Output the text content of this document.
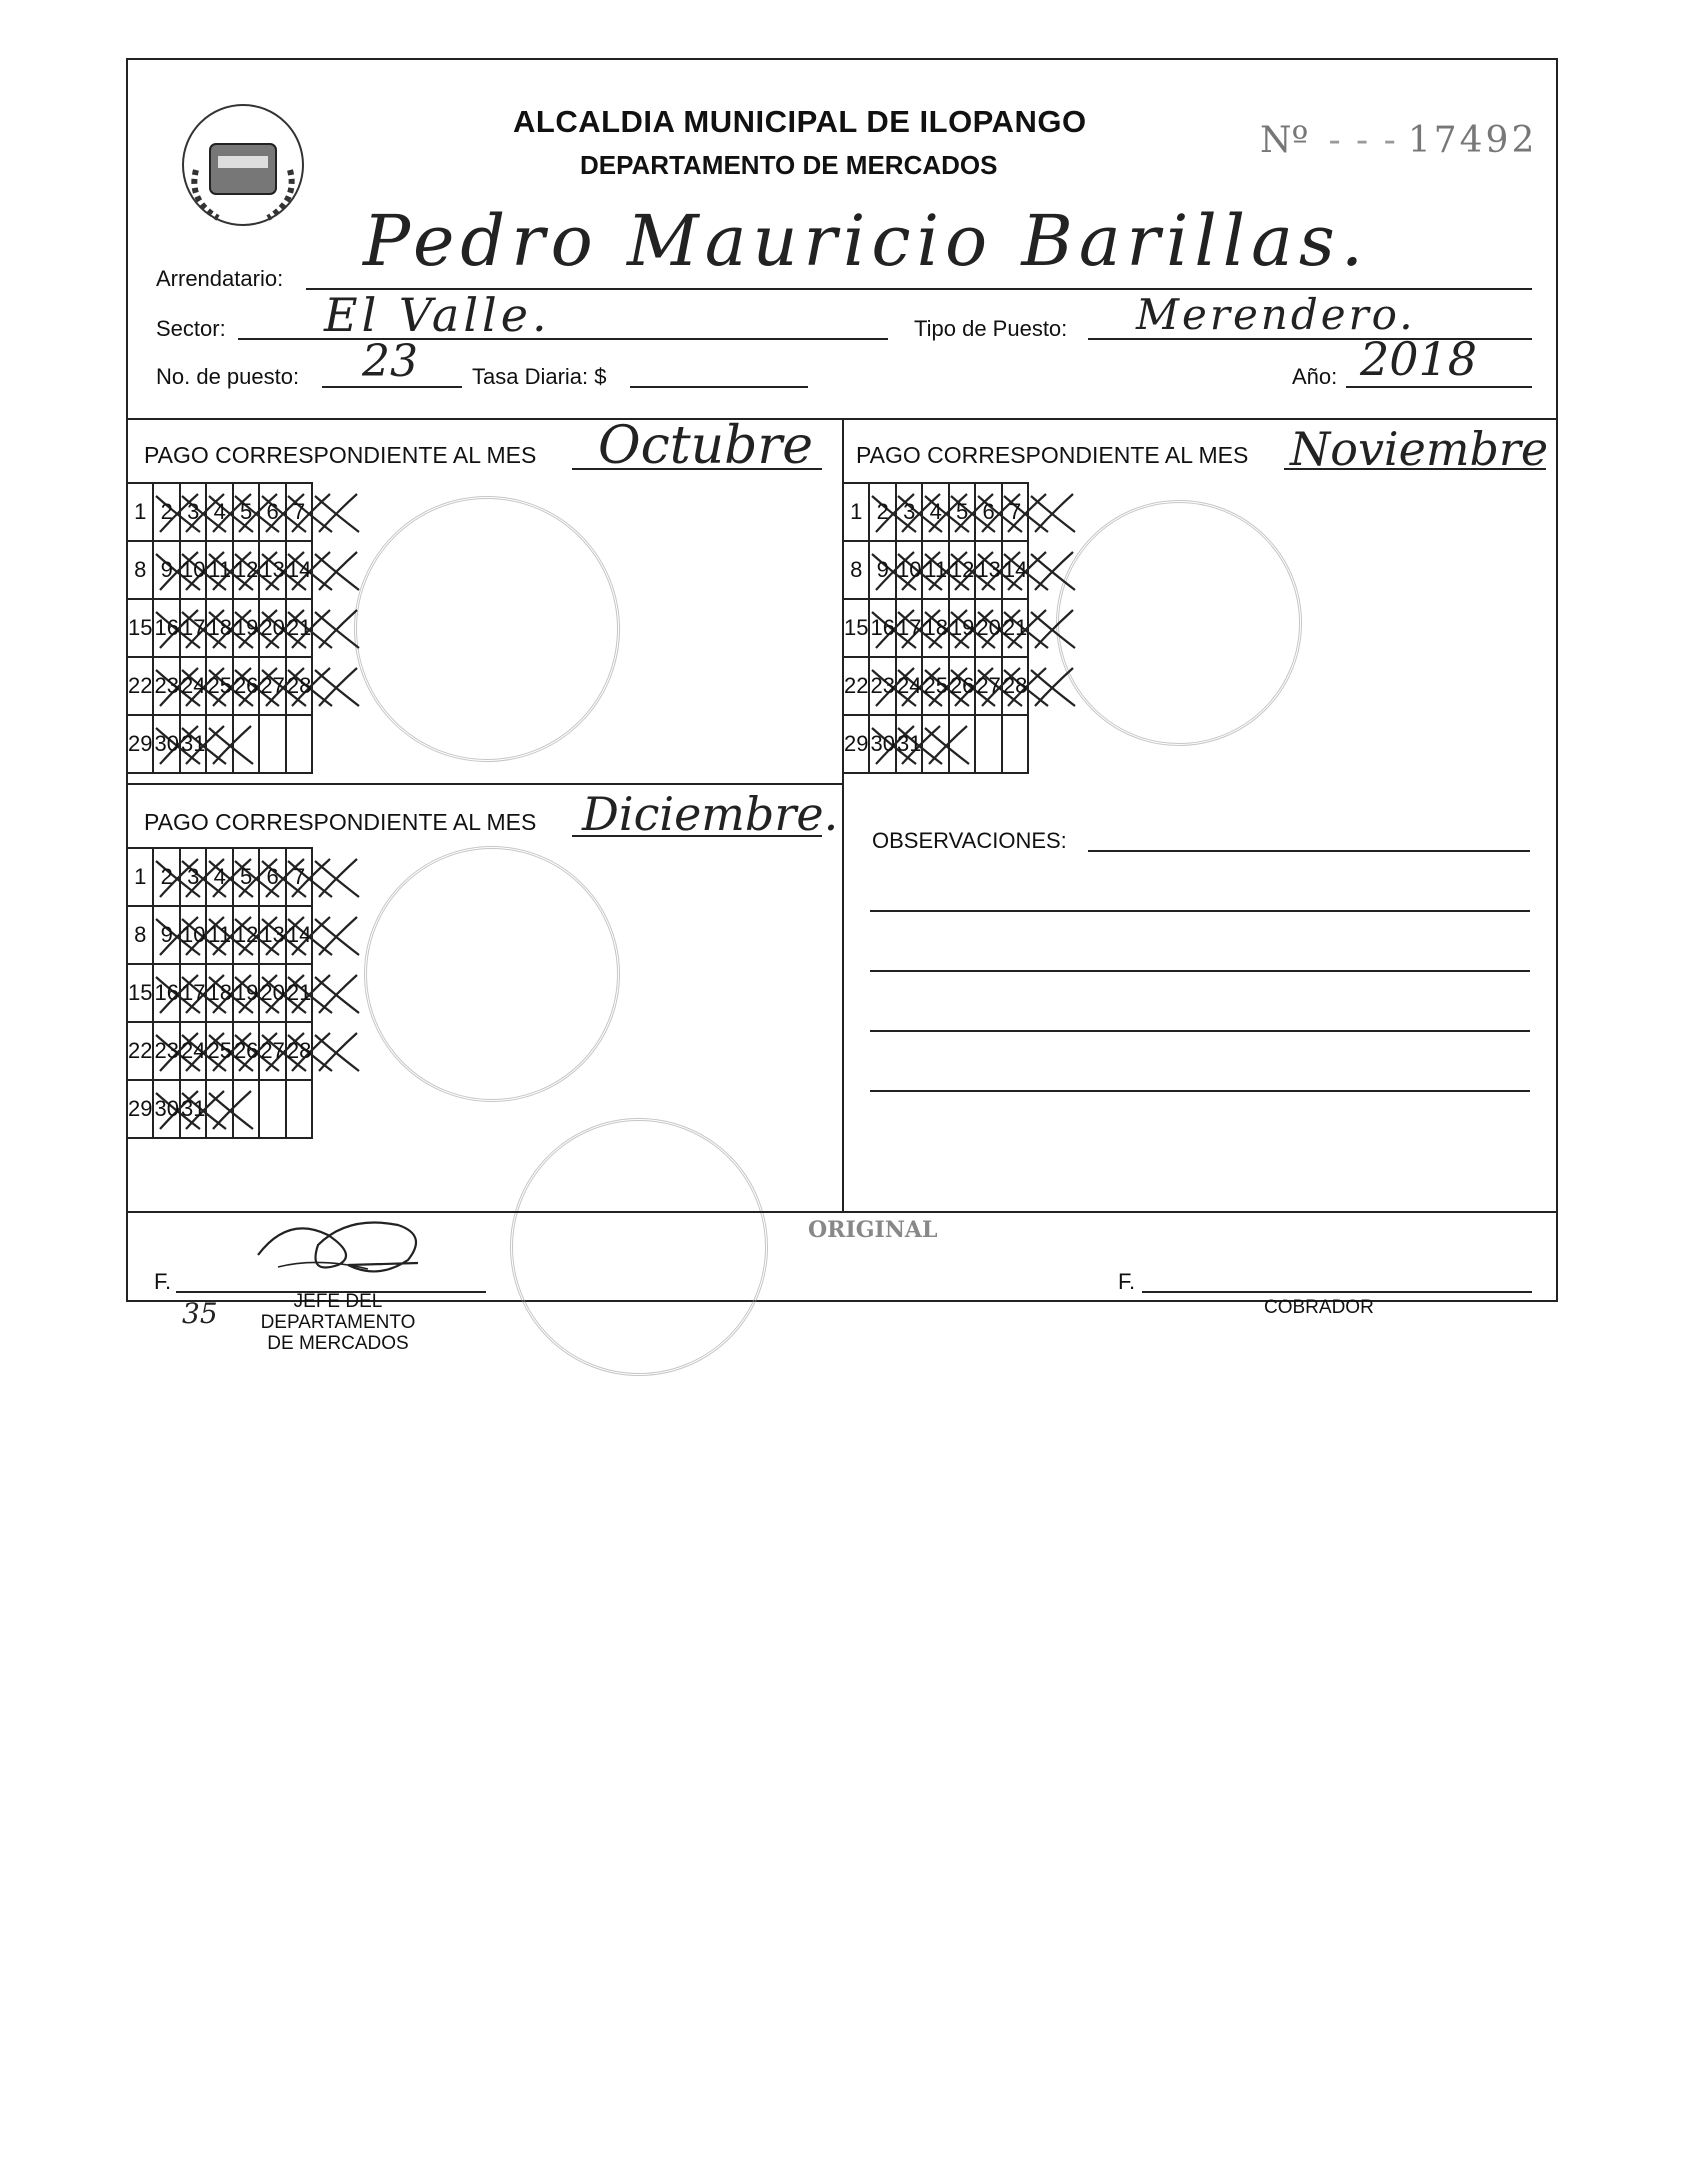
ALCALDIA MUNICIPAL DE ILOPANGO
DEPARTAMENTO DE MERCADOS
Nº - - - 17492
Arrendatario: Pedro Mauricio Barillas.
Sector: El Valle.	Tipo de Puesto: Merendero.
No. de puesto: 23 Tasa Diaria: $	Año: 2018
PAGO CORRESPONDIENTE AL MES Octubre
1	2	3	4	5	6	7

8	9	10	11	12	13	14

15	16	17	18	19	20	21

22	23	24	25	26	27	28

29	30	31

PAGO CORRESPONDIENTE AL MES Noviembre
1	2	3	4	5	6	7

8	9	10	11	12	13	14

15	16	17	18	19	20	21

22	23	24	25	26	27	28

29	30	31

PAGO CORRESPONDIENTE AL MES Diciembre.
1	2	3	4	5	6	7

8	9	10	11	12	13	14

15	16	17	18	19	20	21

22	23	24	25	26	27	28

29	30	31

OBSERVACIONES:
ORIGINAL
F.
JEFE DEL DEPARTAMENTO
DE MERCADOS
35
F.
COBRADOR
